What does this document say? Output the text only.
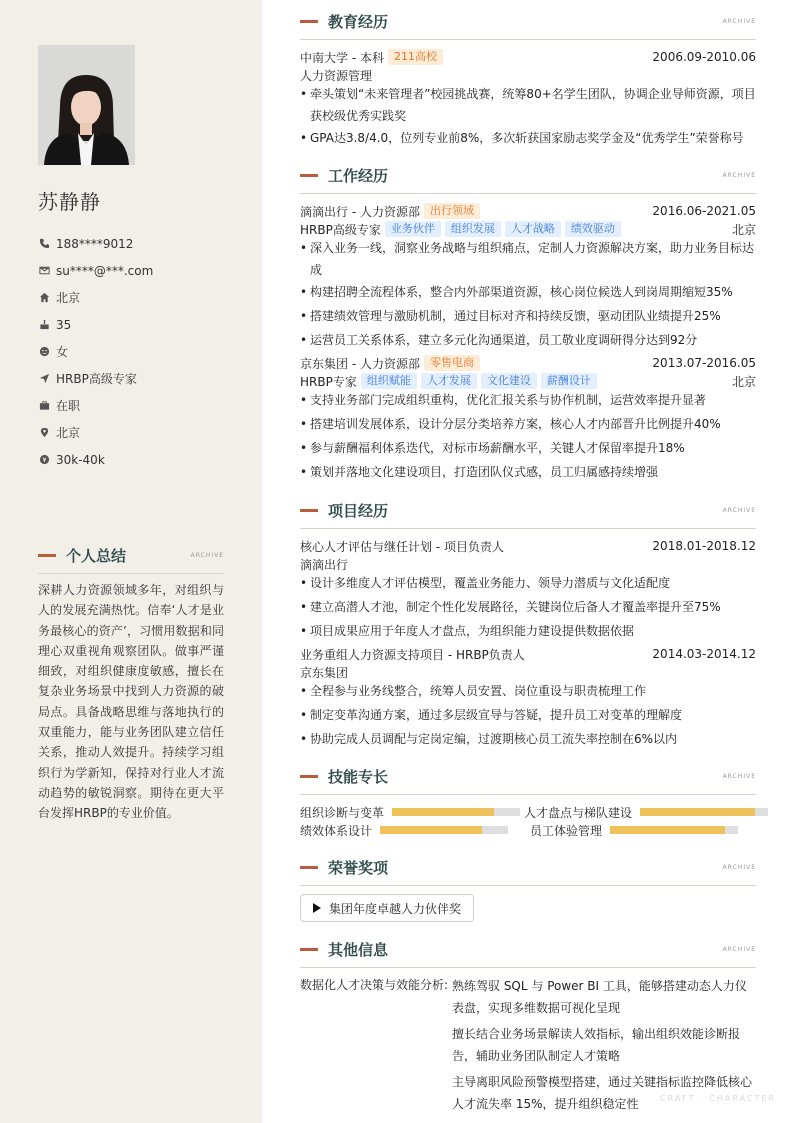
苏静静
188****9012
su****@***.com
北京
35
女
HRBP高级专家
在职
北京
30k-40k
个人总结	ARCHIVE
深耕人力资源领域多年，对组织与人的发展充满热忱。信奉‘人才是业务最核心的资产’，习惯用数据和同理心双重视角观察团队。做事严谨细致，对组织健康度敏感，擅长在复杂业务场景中找到人力资源的破局点。具备战略思维与落地执行的双重能力，能与业务团队建立信任关系，推动人效提升。持续学习组织行为学新知，保持对行业人才流动趋势的敏锐洞察。期待在更大平台发挥HRBP的专业价值。
教育经历	ARCHIVE
中南大学 - 本科 211高校	2006.09-2010.06
人力资源管理
• 牵头策划“未来管理者”校园挑战赛，统筹80+名学生团队，协调企业导师资源，项目获校级优秀实践奖
• GPA达3.8/4.0，位列专业前8%，多次斩获国家励志奖学金及“优秀学生”荣誉称号
工作经历	ARCHIVE
滴滴出行 - 人力资源部 出行领域	2016.06-2021.05
HRBP高级专家 业务伙伴	组织发展	人才战略	绩效驱动	北京
• 深入业务一线，洞察业务战略与组织痛点，定制人力资源解决方案，助力业务目标达成
• 构建招聘全流程体系，整合内外部渠道资源，核心岗位候选人到岗周期缩短35%
• 搭建绩效管理与激励机制，通过目标对齐和持续反馈，驱动团队业绩提升25%
• 运营员工关系体系，建立多元化沟通渠道，员工敬业度调研得分达到92分
京东集团 - 人力资源部 零售电商	2013.07-2016.05
HRBP专家 组织赋能	人才发展	文化建设	薪酬设计	北京
• 支持业务部门完成组织重构，优化汇报关系与协作机制，运营效率提升显著
• 搭建培训发展体系，设计分层分类培养方案，核心人才内部晋升比例提升40%
• 参与薪酬福利体系迭代，对标市场薪酬水平，关键人才保留率提升18%
• 策划并落地文化建设项目，打造团队仪式感，员工归属感持续增强
项目经历	ARCHIVE
核心人才评估与继任计划 - 项目负责人	2018.01-2018.12
滴滴出行
• 设计多维度人才评估模型，覆盖业务能力、领导力潜质与文化适配度
• 建立高潜人才池，制定个性化发展路径，关键岗位后备人才覆盖率提升至75%
• 项目成果应用于年度人才盘点，为组织能力建设提供数据依据
业务重组人力资源支持项目 - HRBP负责人	2014.03-2014.12
京东集团
• 全程参与业务线整合，统筹人员安置、岗位重设与职责梳理工作
• 制定变革沟通方案，通过多层级宣导与答疑，提升员工对变革的理解度
• 协助完成人员调配与定岗定编，过渡期核心员工流失率控制在6%以内
技能专长	ARCHIVE
组织诊断与变革	人才盘点与梯队建设
绩效体系设计	员工体验管理
荣誉奖项	ARCHIVE
集团年度卓越人力伙伴奖
其他信息	ARCHIVE
数据化人才决策与效能分析: 熟练驾驭 SQL 与 Power BI 工具，能够搭建动态人力仪表盘，实现多维数据可视化呈现
擅长结合业务场景解读人效指标，输出组织效能诊断报告，辅助业务团队制定人才策略
主导离职风险预警模型搭建，通过关键指标监控降低核心人才流失率 15%，提升组织稳定性	CRAFT · CHARACTER
